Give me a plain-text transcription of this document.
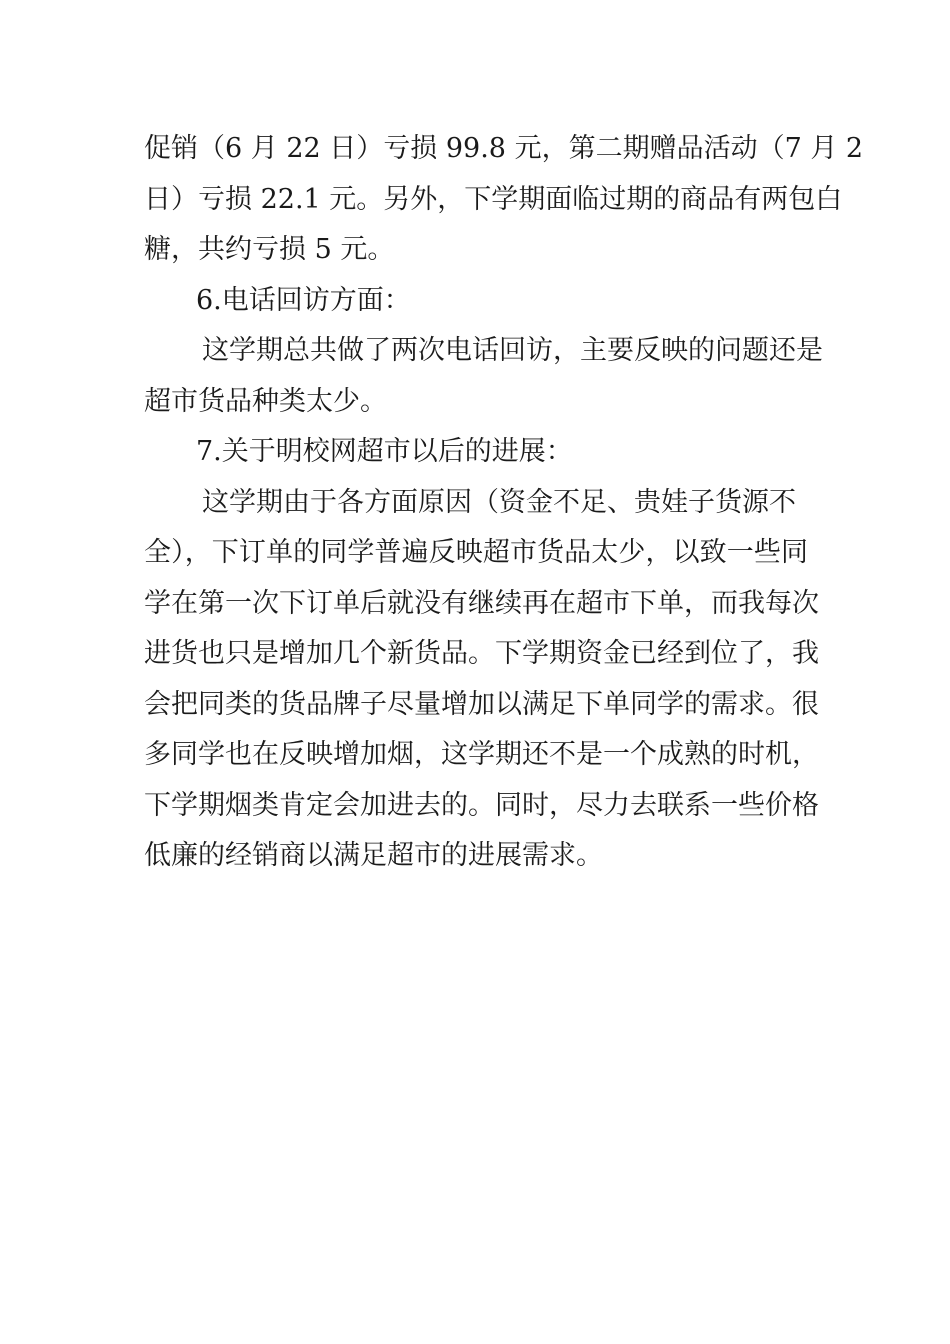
促销（6 月 22 日）亏损 99.8 元，第二期赠品活动（7 月 2
日）亏损 22.1 元。另外，下学期面临过期的商品有两包白
糖，共约亏损 5 元。
6.电话回访方面：
这学期总共做了两次电话回访，主要反映的问题还是
超市货品种类太少。
7.关于明校网超市以后的进展：
这学期由于各方面原因（资金不足、贵娃子货源不
全），下订单的同学普遍反映超市货品太少，以致一些同
学在第一次下订单后就没有继续再在超市下单，而我每次
进货也只是增加几个新货品。下学期资金已经到位了，我
会把同类的货品牌子尽量增加以满足下单同学的需求。很
多同学也在反映增加烟，这学期还不是一个成熟的时机，
下学期烟类肯定会加进去的。同时，尽力去联系一些价格
低廉的经销商以满足超市的进展需求。
